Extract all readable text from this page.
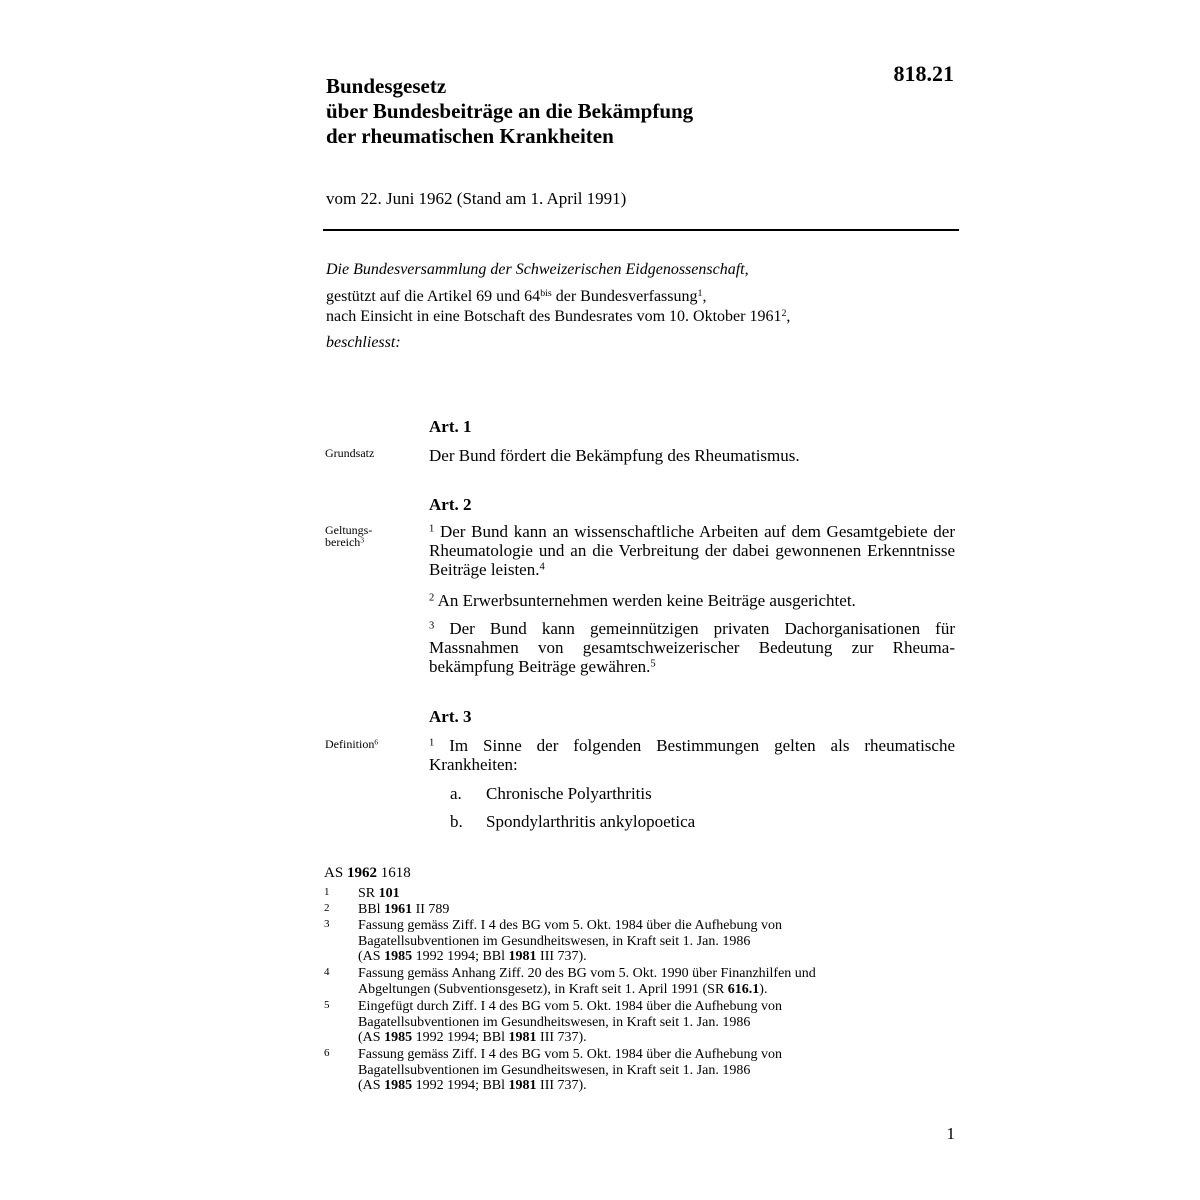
Bundesgesetz
über Bundesbeiträge an die Bekämpfung
der rheumatischen Krankheiten
818.21
vom 22. Juni 1962 (Stand am 1. April 1991)
Die Bundesversammlung der Schweizerischen Eidgenossenschaft,
gestützt auf die Artikel 69 und $64^{bis}$ der Bundesverfassung$^1$,
nach Einsicht in eine Botschaft des Bundesrates vom 10. Oktober 1961$^2$,
beschliesst:
Art. 1
Grundsatz	Der Bund fördert die Bekämpfung des Rheumatismus.
Art. 2
Geltungs-
bereich$^3$
$^1$ Der Bund kann an wissenschaftliche Arbeiten auf dem Gesamtgebiete der Rheumatologie und an die Verbreitung der dabei gewonnenen Erkenntnisse Beiträge leisten.$^4$
$^2$ An Erwerbsunternehmen werden keine Beiträge ausgerichtet.
$^3$ Der Bund kann gemeinnützigen privaten Dachorganisationen für Massnahmen von gesamtschweizerischer Bedeutung zur Rheuma-bekämpfung Beiträge gewähren.$^5$
Art. 3
Definition$^6$	$^1$ Im Sinne der folgenden Bestimmungen gelten als rheumatische Krankheiten:
a. Chronische Polyarthritis
b. Spondylarthritis ankylopoetica
AS 1962 1618
1	SR 101
2	BBl 1961 II 789
3	Fassung gemäss Ziff. I 4 des BG vom 5. Okt. 1984 über die Aufhebung von
Bagatellsubventionen im Gesundheitswesen, in Kraft seit 1. Jan. 1986
(AS 1985 1992 1994; BBl 1981 III 737).
4	Fassung gemäss Anhang Ziff. 20 des BG vom 5. Okt. 1990 über Finanzhilfen und
Abgeltungen (Subventionsgesetz), in Kraft seit 1. April 1991 (SR 616.1).
5	Eingefügt durch Ziff. I 4 des BG vom 5. Okt. 1984 über die Aufhebung von
Bagatellsubventionen im Gesundheitswesen, in Kraft seit 1. Jan. 1986
(AS 1985 1992 1994; BBl 1981 III 737).
6	Fassung gemäss Ziff. I 4 des BG vom 5. Okt. 1984 über die Aufhebung von
Bagatellsubventionen im Gesundheitswesen, in Kraft seit 1. Jan. 1986
(AS 1985 1992 1994; BBl 1981 III 737).
1
